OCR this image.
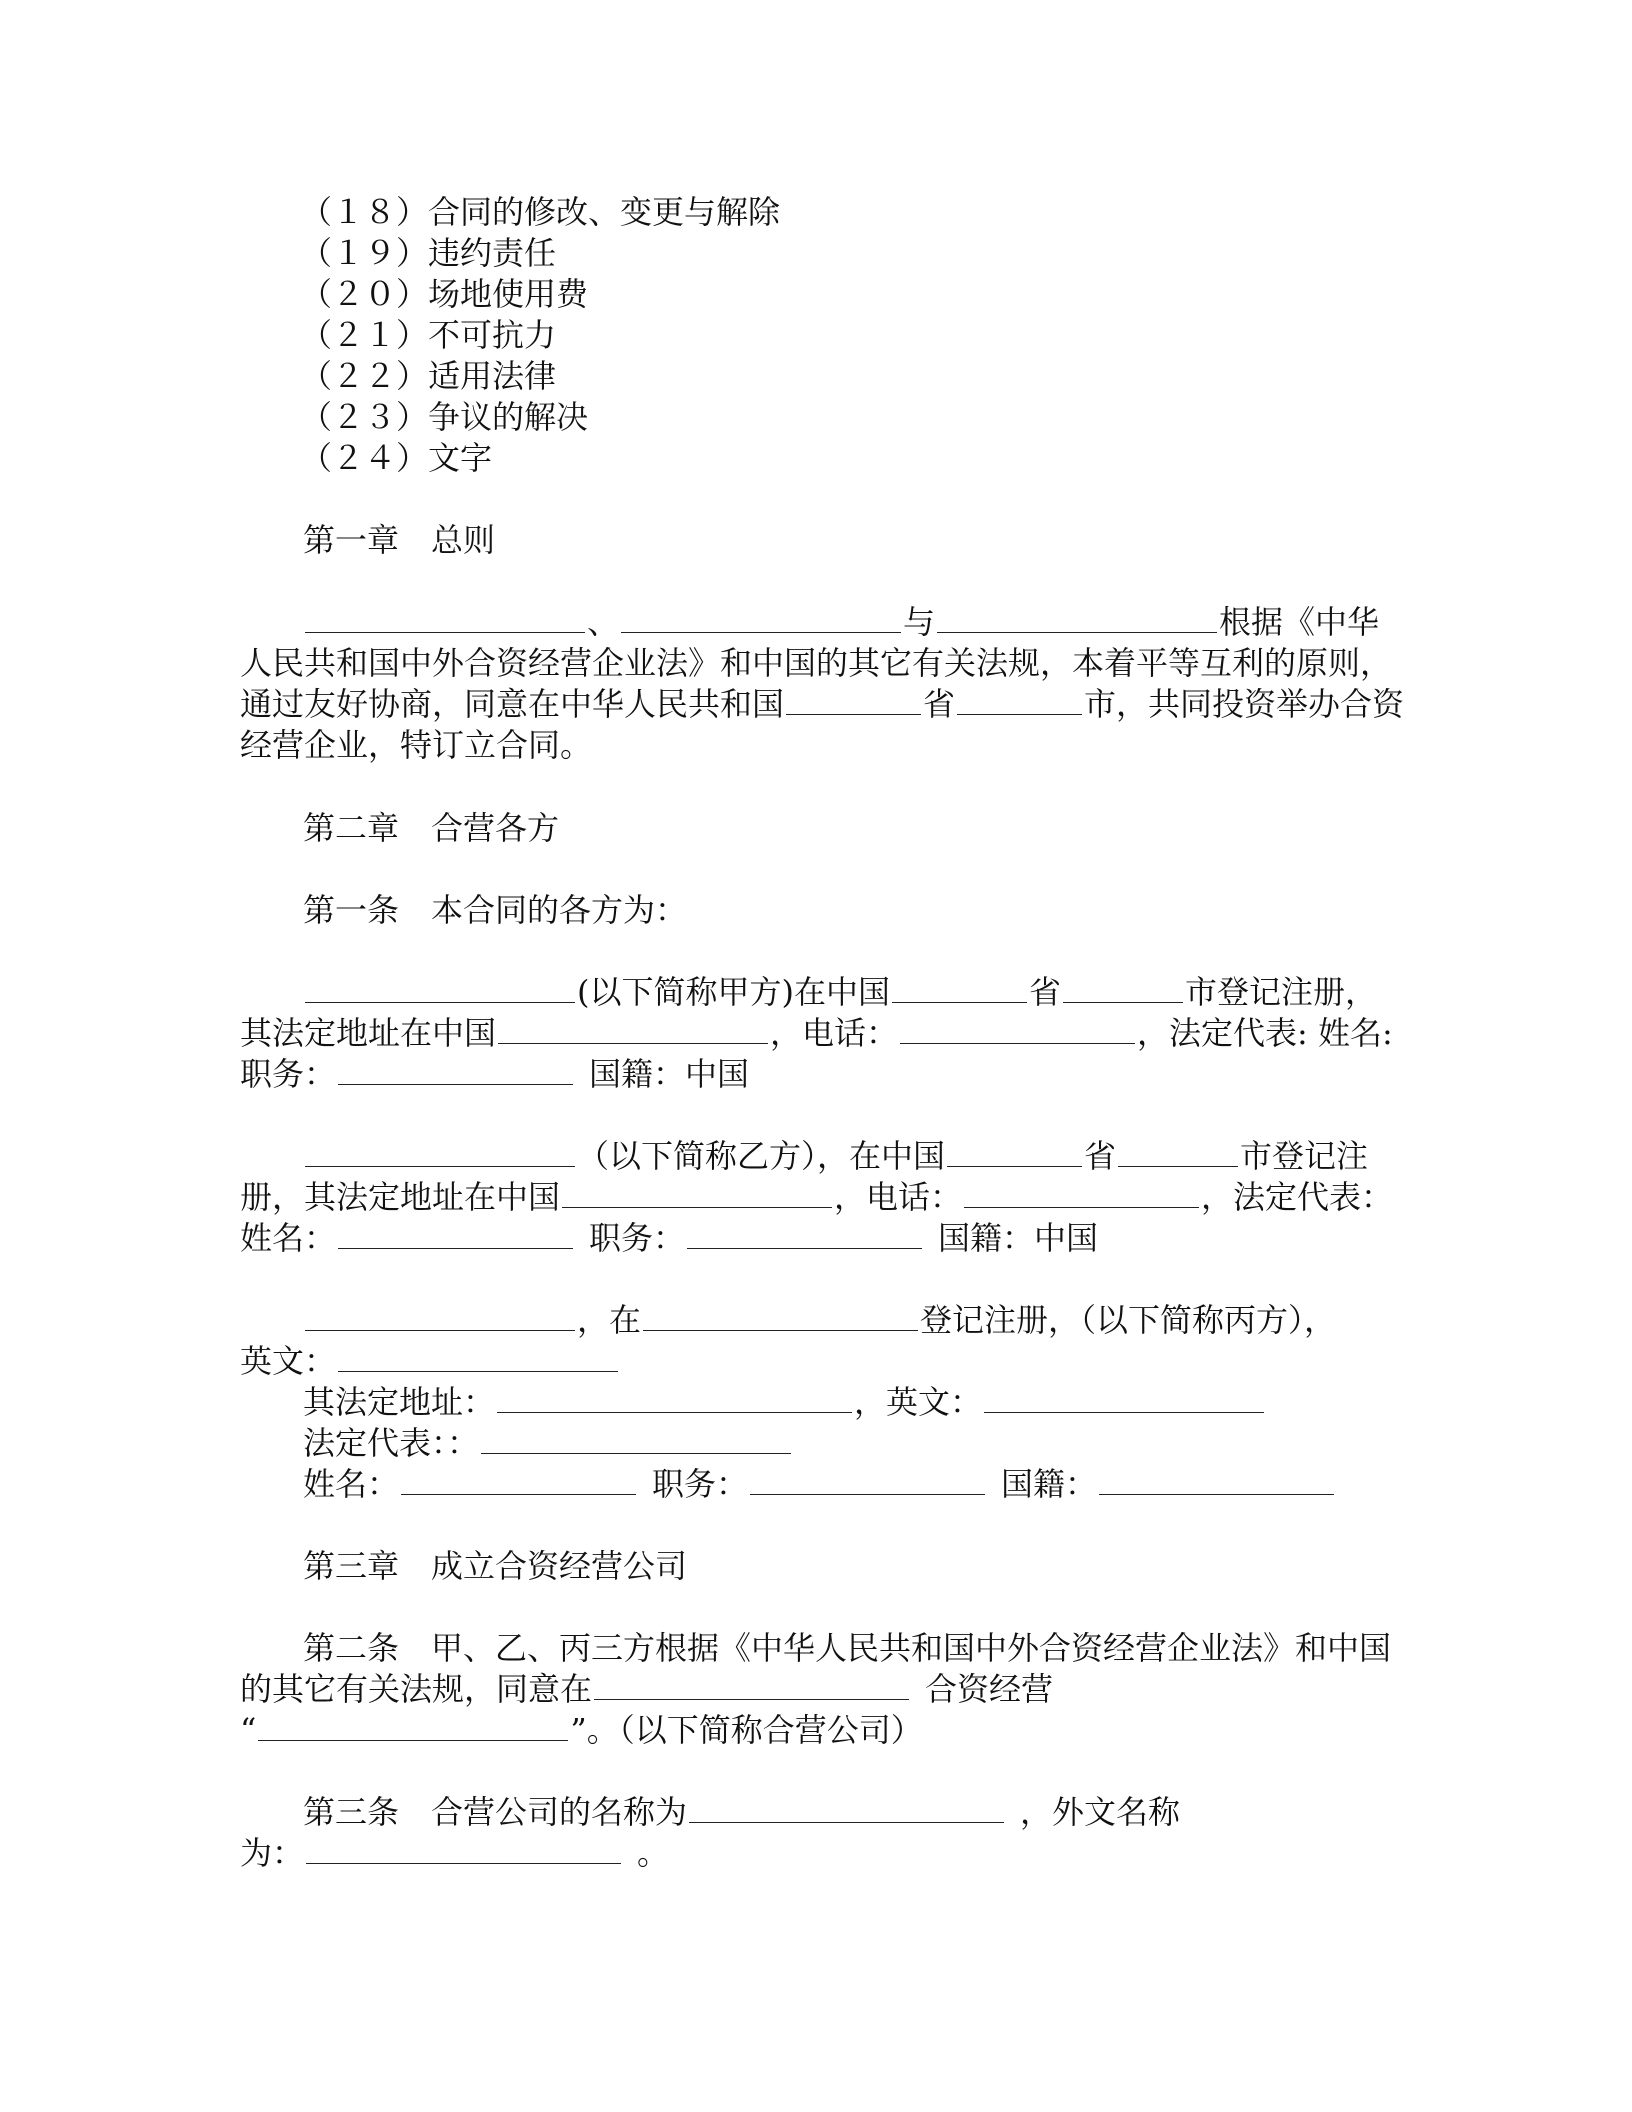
（１８）合同的修改、变更与解除
（１９）违约责任
（２０）场地使用费
（２１）不可抗力
（２２）适用法律
（２３）争议的解决
（２４）文字
第一章　总则
、	与	根据《中华
人民共和国中外合资经营企业法》和中国的其它有关法规，本着平等互利的原则，
通过友好协商，同意在中华人民共和国	省	市，共同投资举办合资
经营企业，特订立合同。
第二章　合营各方
第一条　本合同的各方为：
(以下简称甲方)在中国	省	市登记注册，
其法定地址在中国	，电话：	，法定代表: 姓名:
职务：	国籍：中国
（以下简称乙方），在中国	省	市登记注
册，其法定地址在中国	，电话：	，法定代表：
姓名：	职务：	国籍：中国
，在	登记注册，（以下简称丙方），
英文：
其法定地址：	，英文：
法定代表：：
姓名：	职务：	国籍：
第三章　成立合资经营公司
第二条　甲、乙、丙三方根据《中华人民共和国中外合资经营企业法》和中国
的其它有关法规，同意在	合资经营
“	”。（以下简称合营公司）
第三条　合营公司的名称为	，外文名称
为：	。
